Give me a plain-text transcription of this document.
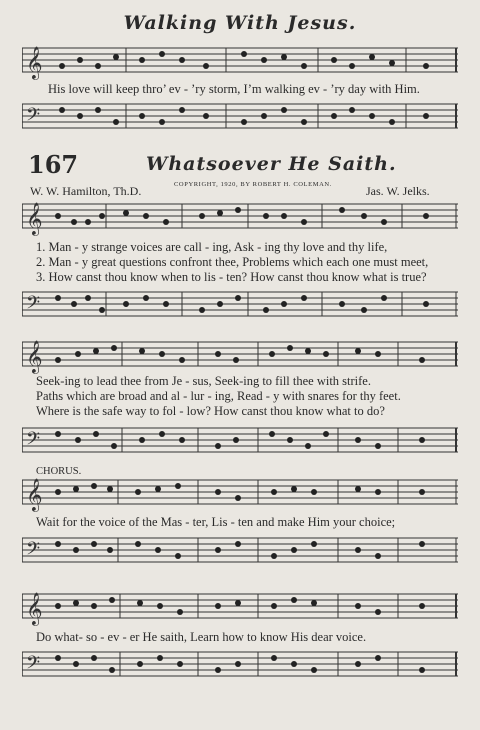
Walking With Jesus.
𝄞
His love will keep thro’ ev - ’ry storm, I’m walking ev - ’ry day with Him.
𝄢
167	Whatsoever He Saith.
COPYRIGHT, 1920, BY ROBERT H. COLEMAN.
W. W. Hamilton, Th.D.	Jas. W. Jelks.
𝄞
1. Man - y strange voices are call - ing, Ask - ing thy love and thy life,
2. Man - y great questions confront thee, Problems which each one must meet,
3. How canst thou know when to lis - ten? How canst thou know what is true?
𝄢
𝄞
Seek-ing to lead thee from Je - sus, Seek-ing to fill thee with strife.
Paths which are broad and al - lur - ing, Read - y with snares for thy feet.
Where is the safe way to fol - low? How canst thou know what to do?
𝄢
CHORUS.
𝄞
Wait for the voice of the Mas - ter, Lis - ten and make Him your choice;
𝄢
𝄞
Do what- so - ev - er He saith, Learn how to know His dear voice.
𝄢
